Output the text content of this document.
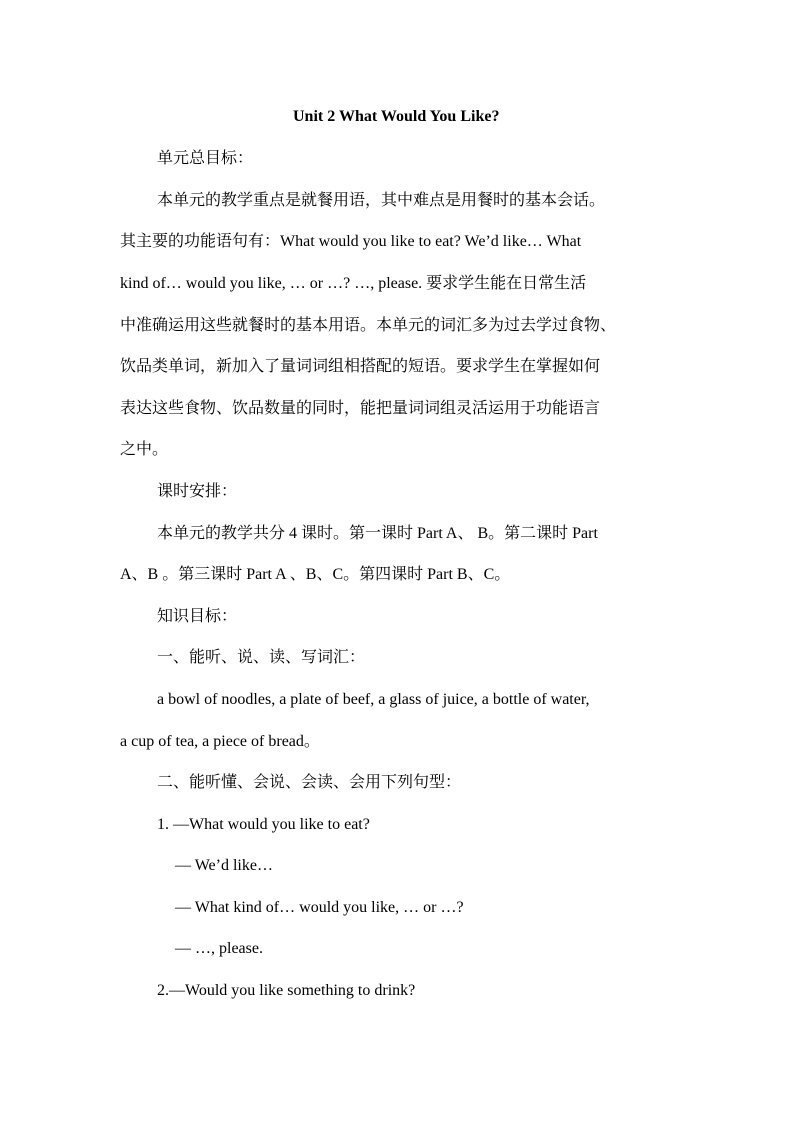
Unit 2 What Would You Like?
单元总目标：
本单元的教学重点是就餐用语，其中难点是用餐时的基本会话。
其主要的功能语句有：What would you like to eat? We’d like… What
kind of… would you like, … or …? …, please. 要求学生能在日常生活
中准确运用这些就餐时的基本用语。本单元的词汇多为过去学过食物、
饮品类单词，新加入了量词词组相搭配的短语。要求学生在掌握如何
表达这些食物、饮品数量的同时，能把量词词组灵活运用于功能语言
之中。
课时安排：
本单元的教学共分 4 课时。第一课时 Part A、 B。第二课时 Part
A、B 。第三课时 Part A 、B、C。第四课时 Part B、C。
知识目标：
一、能听、说、读、写词汇：
a bowl of noodles, a plate of beef, a glass of juice, a bottle of water,
a cup of tea, a piece of bread。
二、能听懂、会说、会读、会用下列句型：
1. —What would you like to eat?
— We’d like…
— What kind of… would you like, … or …?
— …, please.
2.—Would you like something to drink?
